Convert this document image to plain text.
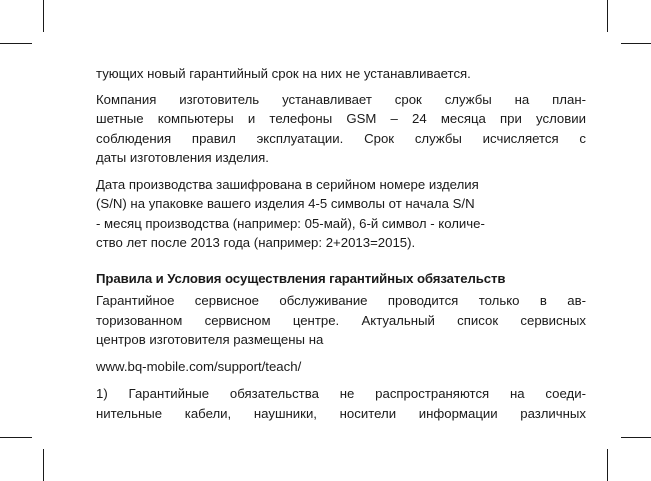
тующих новый гарантийный срок на них не устанавливается.

Компания изготовитель устанавливает срок службы на план-
шетные компьютеры и телефоны GSM – 24 месяца при условии
соблюдения правил эксплуатации. Срок службы исчисляется с
даты изготовления изделия.

Дата производства зашифрована в серийном номере изделия
(S/N) на упаковке вашего изделия 4-5 символы от начала S/N
- месяц производства (например: 05-май), 6-й символ - количе-
ство лет после 2013 года (например: 2+2013=2015).

Правила и Условия осуществления гарантийных обязательств

Гарантийное сервисное обслуживание проводится только в ав-
торизованном сервисном центре. Актуальный список сервисных
центров изготовителя размещены на

www.bq-mobile.com/support/teach/

1) Гарантийные обязательства не распространяются на соеди-
нительные кабели, наушники, носители информации различных
